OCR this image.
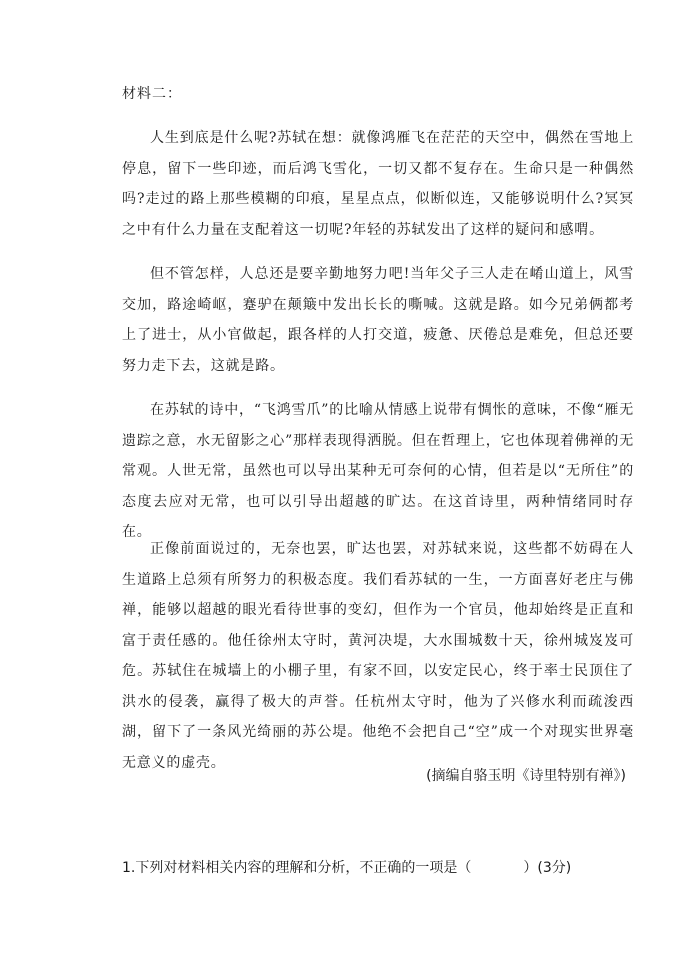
材料二：

人生到底是什么呢?苏轼在想：就像鸿雁飞在茫茫的天空中，偶然在雪地上停息，留下一些印迹，而后鸿飞雪化，一切又都不复存在。生命只是一种偶然吗?走过的路上那些模糊的印痕，星星点点，似断似连，又能够说明什么?冥冥之中有什么力量在支配着这一切呢?年轻的苏轼发出了这样的疑问和感喟。

但不管怎样，人总还是要辛勤地努力吧!当年父子三人走在崤山道上，风雪交加，路途崎岖，蹇驴在颠簸中发出长长的嘶喊。这就是路。如今兄弟俩都考上了进士，从小官做起，跟各样的人打交道，疲惫、厌倦总是难免，但总还要努力走下去，这就是路。

在苏轼的诗中，“飞鸿雪爪”的比喻从情感上说带有惆怅的意味，不像“雁无遗踪之意，水无留影之心”那样表现得洒脱。但在哲理上，它也体现着佛禅的无常观。人世无常，虽然也可以导出某种无可奈何的心情，但若是以“无所住”的态度去应对无常，也可以引导出超越的旷达。在这首诗里，两种情绪同时存在。

正像前面说过的，无奈也罢，旷达也罢，对苏轼来说，这些都不妨碍在人生道路上总须有所努力的积极态度。我们看苏轼的一生，一方面喜好老庄与佛禅，能够以超越的眼光看待世事的变幻，但作为一个官员，他却始终是正直和富于责任感的。他任徐州太守时，黄河决堤，大水围城数十天，徐州城岌岌可危。苏轼住在城墙上的小棚子里，有家不回，以安定民心，终于率士民顶住了洪水的侵袭，赢得了极大的声誉。任杭州太守时，他为了兴修水利而疏浚西湖，留下了一条风光绮丽的苏公堤。他绝不会把自己“空”成一个对现实世界毫无意义的虚壳。

(摘编自骆玉明《诗里特别有禅》)
1.下列对材料相关内容的理解和分析，不正确的一项是（	）(3分)
